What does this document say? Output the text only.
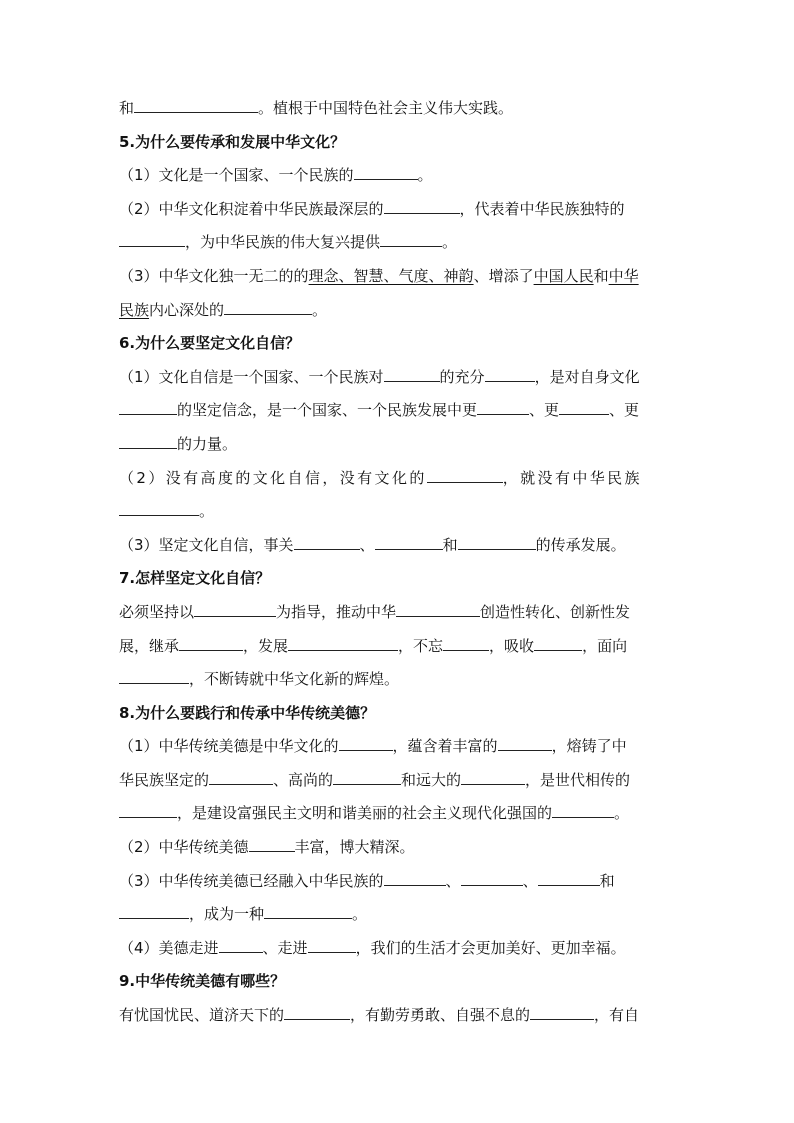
和	。植根于中国特色社会主义伟大实践。
5.为什么要传承和发展中华文化？
（1）文化是一个国家、一个民族的	。
（2）中华文化积淀着中华民族最深层的	，代表着中华民族独特的
，为中华民族的伟大复兴提供	。
（3）中华文化独一无二的的理念、智慧、气度、神韵、增添了中国人民和中华
民族内心深处的	。
6.为什么要坚定文化自信？
（1）文化自信是一个国家、一个民族对	的充分	，是对自身文化
的坚定信念，是一个国家、一个民族发展中更	、更	、更
的力量。
（2）没有高度的文化自信，没有文化的	，就没有中华民族
。
（3）坚定文化自信，事关	、	和	的传承发展。
7.怎样坚定文化自信？
必须坚持以	为指导，推动中华	创造性转化、创新性发
展，继承	，发展	，不忘	，吸收	，面向
，不断铸就中华文化新的辉煌。
8.为什么要践行和传承中华传统美德？
（1）中华传统美德是中华文化的	，蕴含着丰富的	，熔铸了中
华民族坚定的	、高尚的	和远大的	，是世代相传的
，是建设富强民主文明和谐美丽的社会主义现代化强国的	。
（2）中华传统美德	丰富，博大精深。
（3）中华传统美德已经融入中华民族的	、	、	和
，成为一种	。
（4）美德走进	、走进	，我们的生活才会更加美好、更加幸福。
9.中华传统美德有哪些？
有忧国忧民、道济天下的	，有勤劳勇敢、自强不息的	，有自
